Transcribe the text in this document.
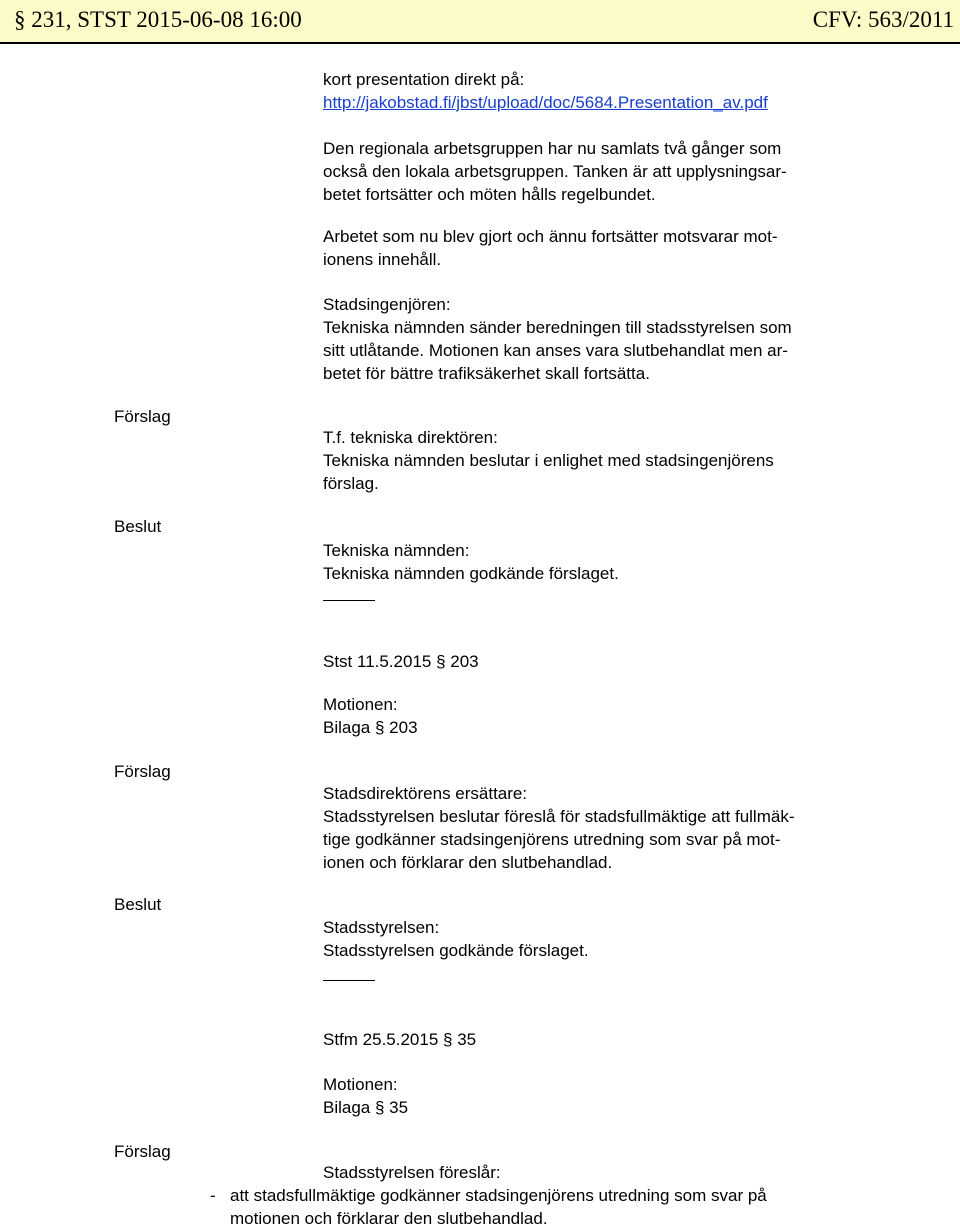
§ 231, STST 2015-06-08 16:00	CFV: 563/2011
kort presentation direkt på:
http://jakobstad.fi/jbst/upload/doc/5684.Presentation_av.pdf
Den regionala arbetsgruppen har nu samlats två gånger som
också den lokala arbetsgruppen. Tanken är att upplysningsar-
betet fortsätter och möten hålls regelbundet.
Arbetet som nu blev gjort och ännu fortsätter motsvarar mot-
ionens innehåll.
Stadsingenjören:
Tekniska nämnden sänder beredningen till stadsstyrelsen som
sitt utlåtande. Motionen kan anses vara slutbehandlat men ar-
betet för bättre trafiksäkerhet skall fortsätta.
Förslag
T.f. tekniska direktören:
Tekniska nämnden beslutar i enlighet med stadsingenjörens
förslag.
Beslut
Tekniska nämnden:
Tekniska nämnden godkände förslaget.
Stst 11.5.2015 § 203
Motionen:
Bilaga § 203
Förslag
Stadsdirektörens ersättare:
Stadsstyrelsen beslutar föreslå för stadsfullmäktige att fullmäk-
tige godkänner stadsingenjörens utredning som svar på mot-
ionen och förklarar den slutbehandlad.
Beslut
Stadsstyrelsen:
Stadsstyrelsen godkände förslaget.
Stfm 25.5.2015 § 35
Motionen:
Bilaga § 35
Förslag
Stadsstyrelsen föreslår:
- att stadsfullmäktige godkänner stadsingenjörens utredning som svar på
motionen och förklarar den slutbehandlad.
